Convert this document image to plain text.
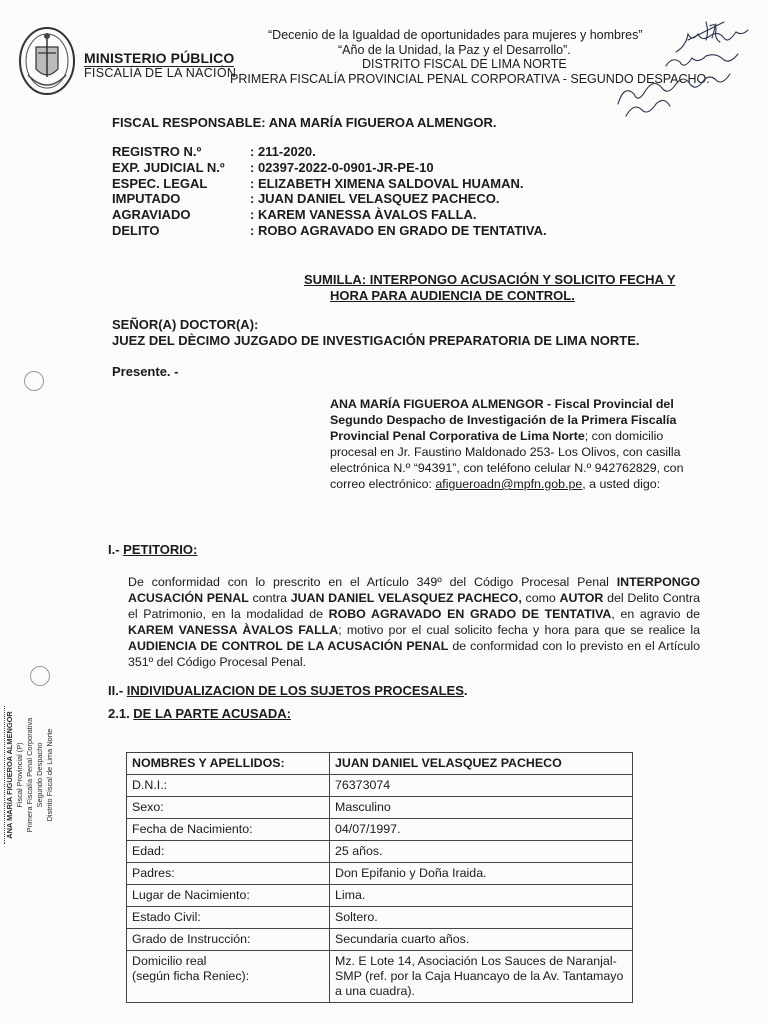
MINISTERIO PÚBLICO
FISCALÍA DE LA NACIÓN
“Decenio de la Igualdad de oportunidades para mujeres y hombres”
“Año de la Unidad, la Paz y el Desarrollo”.
DISTRITO FISCAL DE LIMA NORTE
PRIMERA FISCALÍA PROVINCIAL PENAL CORPORATIVA - SEGUNDO DESPACHO.
FISCAL RESPONSABLE: ANA MARÍA FIGUEROA ALMENGOR.
REGISTRO N.º	: 211-2020.
EXP. JUDICIAL N.º : 02397-2022-0-0901-JR-PE-10
ESPEC. LEGAL	: ELIZABETH XIMENA SALDOVAL HUAMAN.
IMPUTADO	: JUAN DANIEL VELASQUEZ PACHECO.
AGRAVIADO	: KAREM VANESSA ÀVALOS FALLA.
DELITO	: ROBO AGRAVADO EN GRADO DE TENTATIVA.
SUMILLA: INTERPONGO ACUSACIÓN Y SOLICITO FECHA Y
HORA PARA AUDIENCIA DE CONTROL.
SEÑOR(A) DOCTOR(A):
JUEZ DEL DÈCIMO JUZGADO DE INVESTIGACIÓN PREPARATORIA DE LIMA NORTE.
Presente. -
ANA MARÍA FIGUEROA ALMENGOR - Fiscal Provincial del Segundo Despacho de Investigación de la Primera Fiscalía Provincial Penal Corporativa de Lima Norte; con domicilio procesal en Jr. Faustino Maldonado 253- Los Olivos, con casilla electrónica N.º “94391”, con teléfono celular N.º 942762829, con correo electrónico: afigueroadn@mpfn.gob.pe, a usted digo:
I.- PETITORIO:
De conformidad con lo prescrito en el Artículo 349º del Código Procesal Penal INTERPONGO ACUSACIÓN PENAL contra JUAN DANIEL VELASQUEZ PACHECO, como AUTOR del Delito Contra el Patrimonio, en la modalidad de ROBO AGRAVADO EN GRADO DE TENTATIVA, en agravio de KAREM VANESSA ÀVALOS FALLA; motivo por el cual solicito fecha y hora para que se realice la AUDIENCIA DE CONTROL DE LA ACUSACIÓN PENAL de conformidad con lo previsto en el Artículo 351º del Código Procesal Penal.
II.- INDIVIDUALIZACION DE LOS SUJETOS PROCESALES.
2.1. DE LA PARTE ACUSADA:
ANA MARÍA FIGUEROA ALMENGOR Fiscal Provincial (P) Primera Fiscalía Penal Corporativa Segundo Despacho Distrito Fiscal de Lima Norte	NOMBRES Y APELLIDOS:	JUAN DANIEL VELASQUEZ PACHECO
D.N.I.:	76373074
Sexo:	Masculino
Fecha de Nacimiento:	04/07/1997.
Edad:	25 años.
Padres:	Don Epifanio y Doña Iraida.
Lugar de Nacimiento:	Lima.
Estado Civil:	Soltero.
Grado de Instrucción:	Secundaria cuarto años.
Domicilio real
(según ficha Reniec):	Mz. E Lote 14, Asociación Los Sauces de Naranjal- SMP (ref. por la Caja Huancayo de la Av. Tantamayo a una cuadra).
